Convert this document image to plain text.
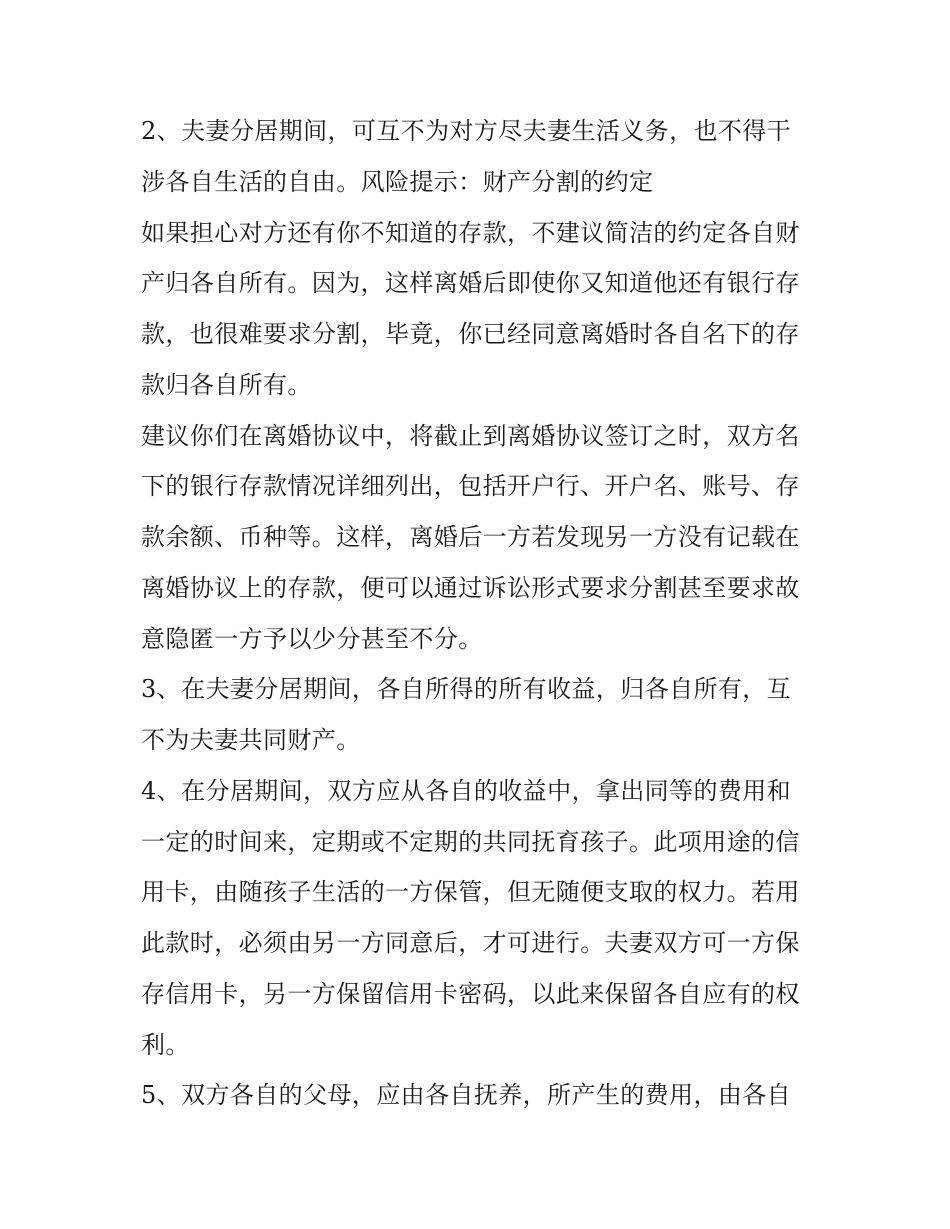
2、夫妻分居期间，可互不为对方尽夫妻生活义务，也不得干
涉各自生活的自由。风险提示：财产分割的约定
如果担心对方还有你不知道的存款，不建议简洁的约定各自财
产归各自所有。因为，这样离婚后即使你又知道他还有银行存
款，也很难要求分割，毕竟，你已经同意离婚时各自名下的存
款归各自所有。
建议你们在离婚协议中，将截止到离婚协议签订之时，双方名
下的银行存款情况详细列出，包括开户行、开户名、账号、存
款余额、币种等。这样，离婚后一方若发现另一方没有记载在
离婚协议上的存款，便可以通过诉讼形式要求分割甚至要求故
意隐匿一方予以少分甚至不分。
3、在夫妻分居期间，各自所得的所有收益，归各自所有，互
不为夫妻共同财产。
4、在分居期间，双方应从各自的收益中，拿出同等的费用和
一定的时间来，定期或不定期的共同抚育孩子。此项用途的信
用卡，由随孩子生活的一方保管，但无随便支取的权力。若用
此款时，必须由另一方同意后，才可进行。夫妻双方可一方保
存信用卡，另一方保留信用卡密码，以此来保留各自应有的权
利。
5、双方各自的父母，应由各自抚养，所产生的费用，由各自
